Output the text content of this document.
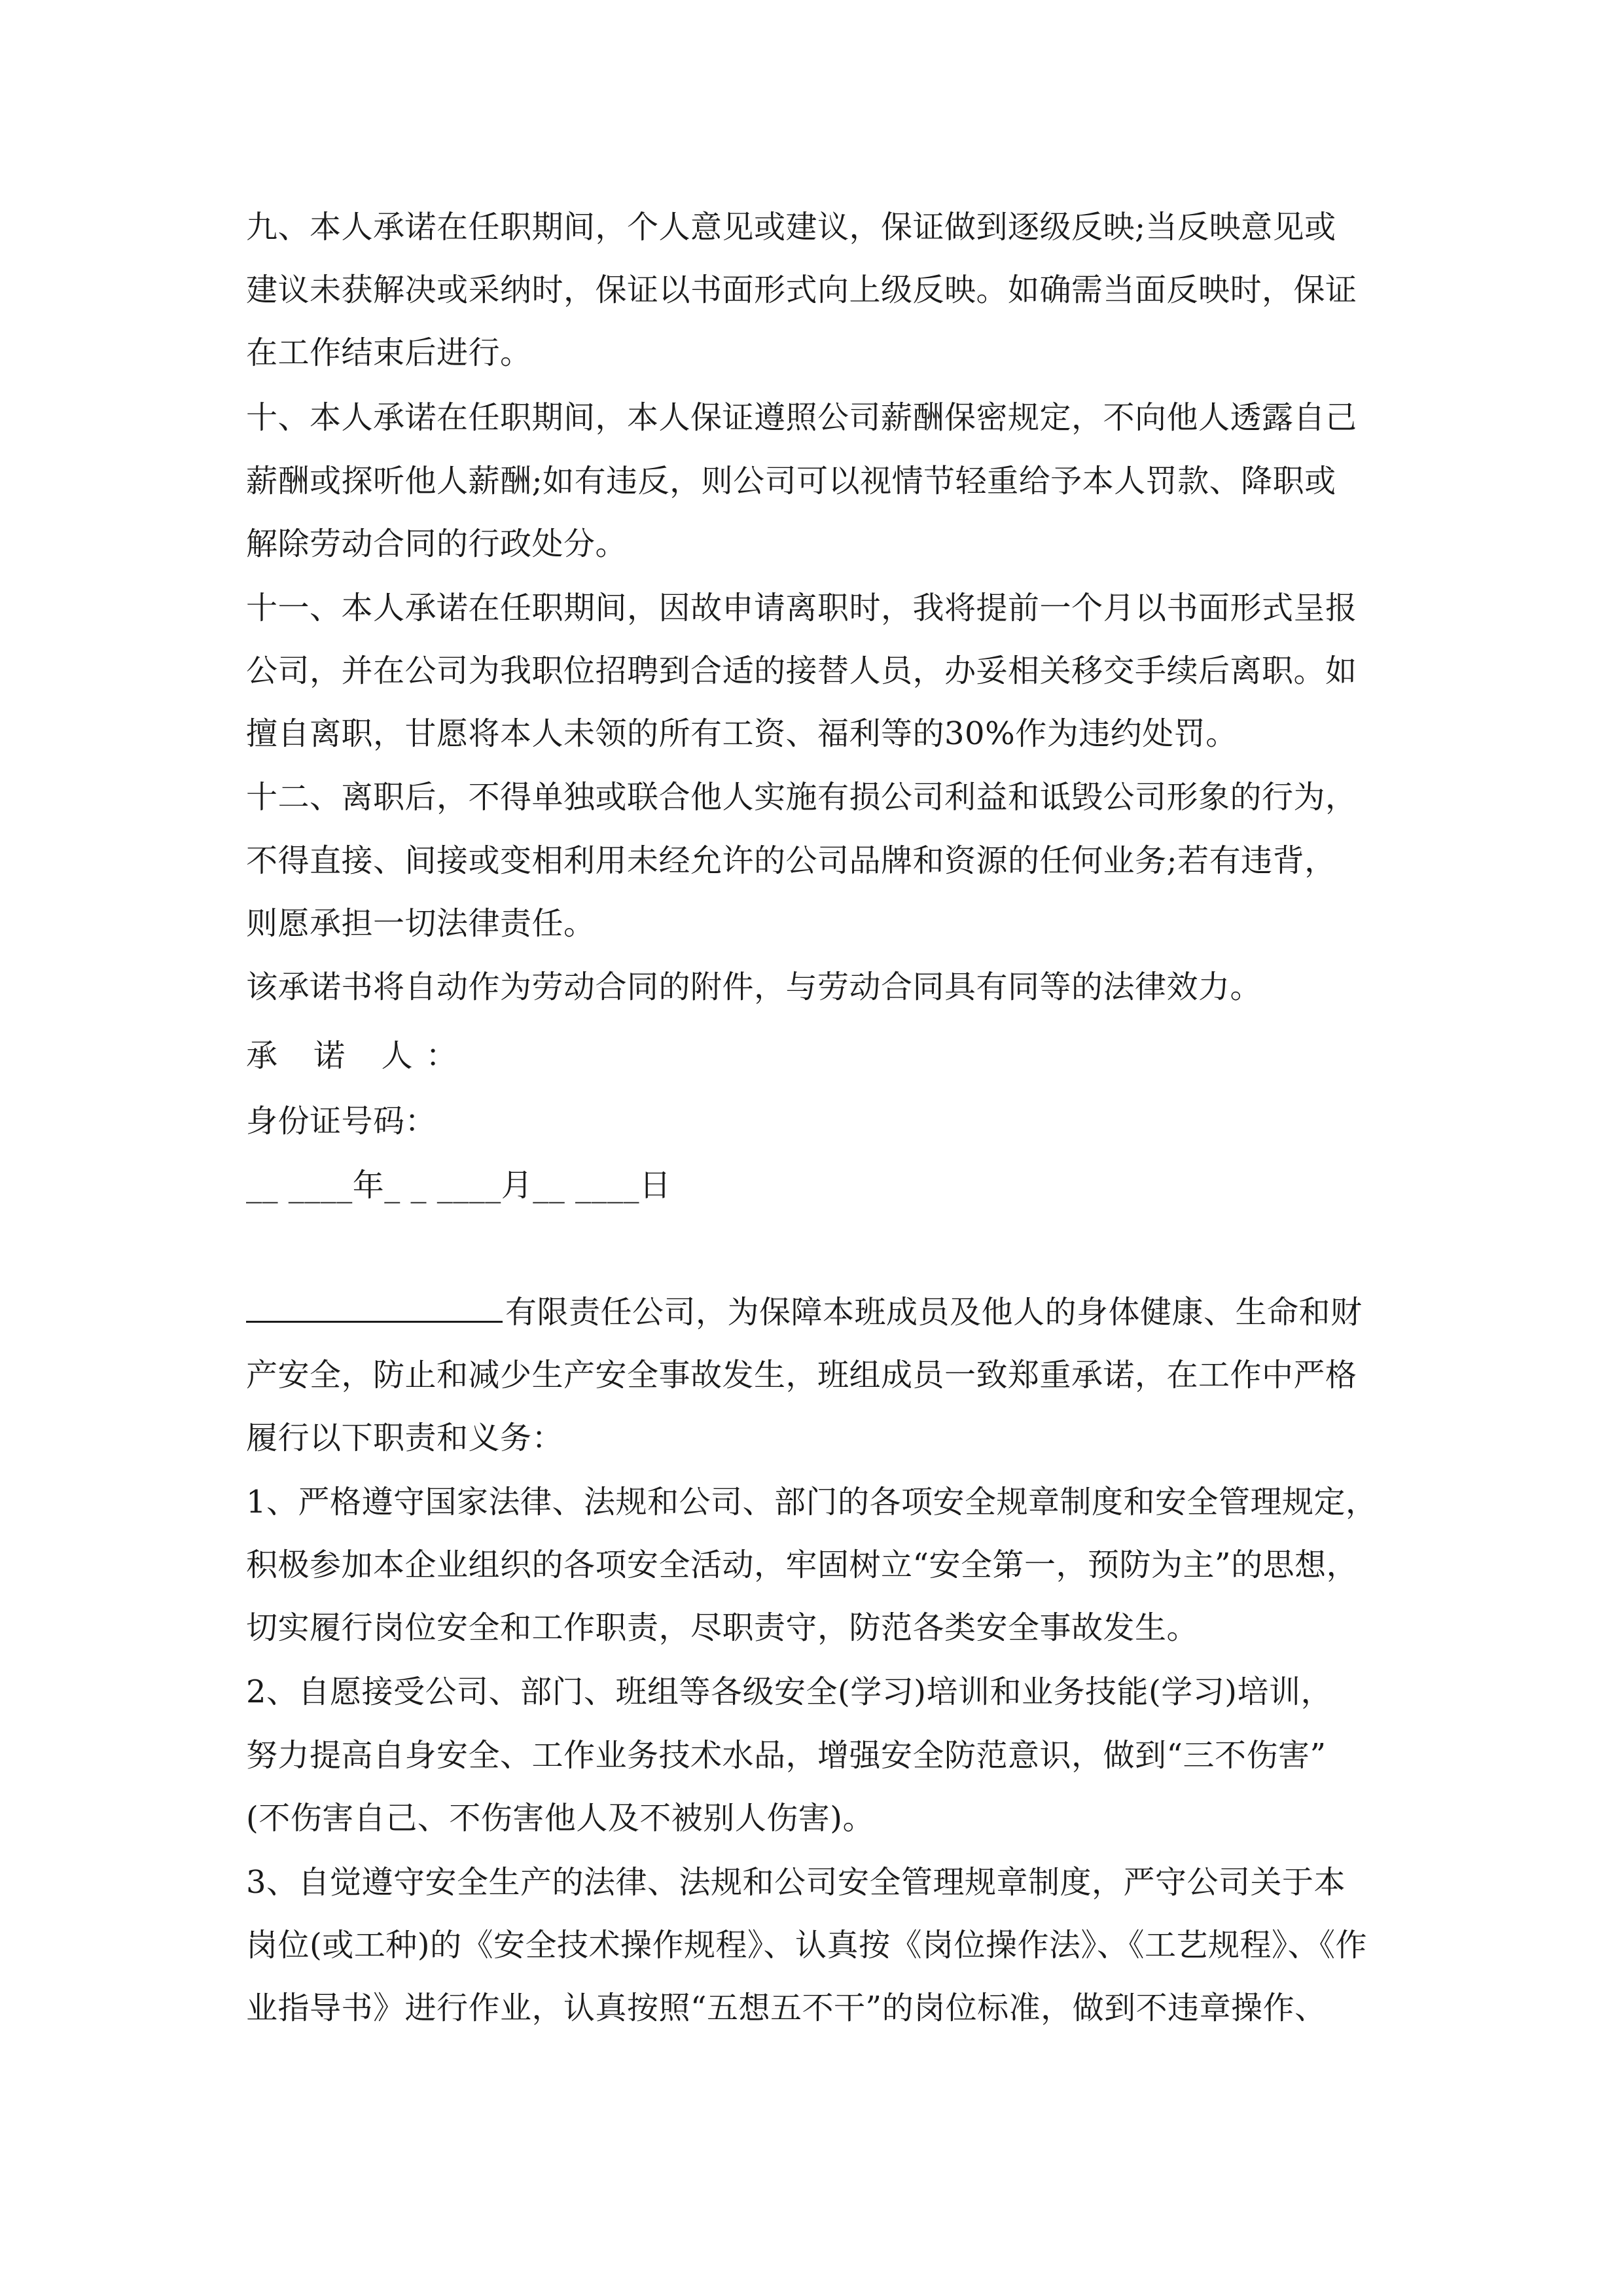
九、本人承诺在任职期间，个人意见或建议，保证做到逐级反映;当反映意见或
建议未获解决或采纳时，保证以书面形式向上级反映。如确需当面反映时，保证
在工作结束后进行。
十、本人承诺在任职期间，本人保证遵照公司薪酬保密规定，不向他人透露自己
薪酬或探听他人薪酬;如有违反，则公司可以视情节轻重给予本人罚款、降职或
解除劳动合同的行政处分。
十一、本人承诺在任职期间，因故申请离职时，我将提前一个月以书面形式呈报
公司，并在公司为我职位招聘到合适的接替人员，办妥相关移交手续后离职。如
擅自离职，甘愿将本人未领的所有工资、福利等的30%作为违约处罚。
十二、离职后，不得单独或联合他人实施有损公司利益和诋毁公司形象的行为，
不得直接、间接或变相利用未经允许的公司品牌和资源的任何业务;若有违背，
则愿承担一切法律责任。
该承诺书将自动作为劳动合同的附件，与劳动合同具有同等的法律效力。
承 诺 人：
身份证号码：
__ ____年_ _ ____月__ ____日
有限责任公司，为保障本班成员及他人的身体健康、生命和财
产安全，防止和减少生产安全事故发生，班组成员一致郑重承诺，在工作中严格
履行以下职责和义务：
1、严格遵守国家法律、法规和公司、部门的各项安全规章制度和安全管理规定，
积极参加本企业组织的各项安全活动，牢固树立“安全第一，预防为主”的思想，
切实履行岗位安全和工作职责，尽职责守，防范各类安全事故发生。
2、自愿接受公司、部门、班组等各级安全(学习)培训和业务技能(学习)培训，
努力提高自身安全、工作业务技术水品，增强安全防范意识，做到“三不伤害”
(不伤害自己、不伤害他人及不被别人伤害)。
3、自觉遵守安全生产的法律、法规和公司安全管理规章制度，严守公司关于本
岗位(或工种)的《安全技术操作规程》、认真按《岗位操作法》、《工艺规程》、《作
业指导书》进行作业，认真按照“五想五不干”的岗位标准，做到不违章操作、
